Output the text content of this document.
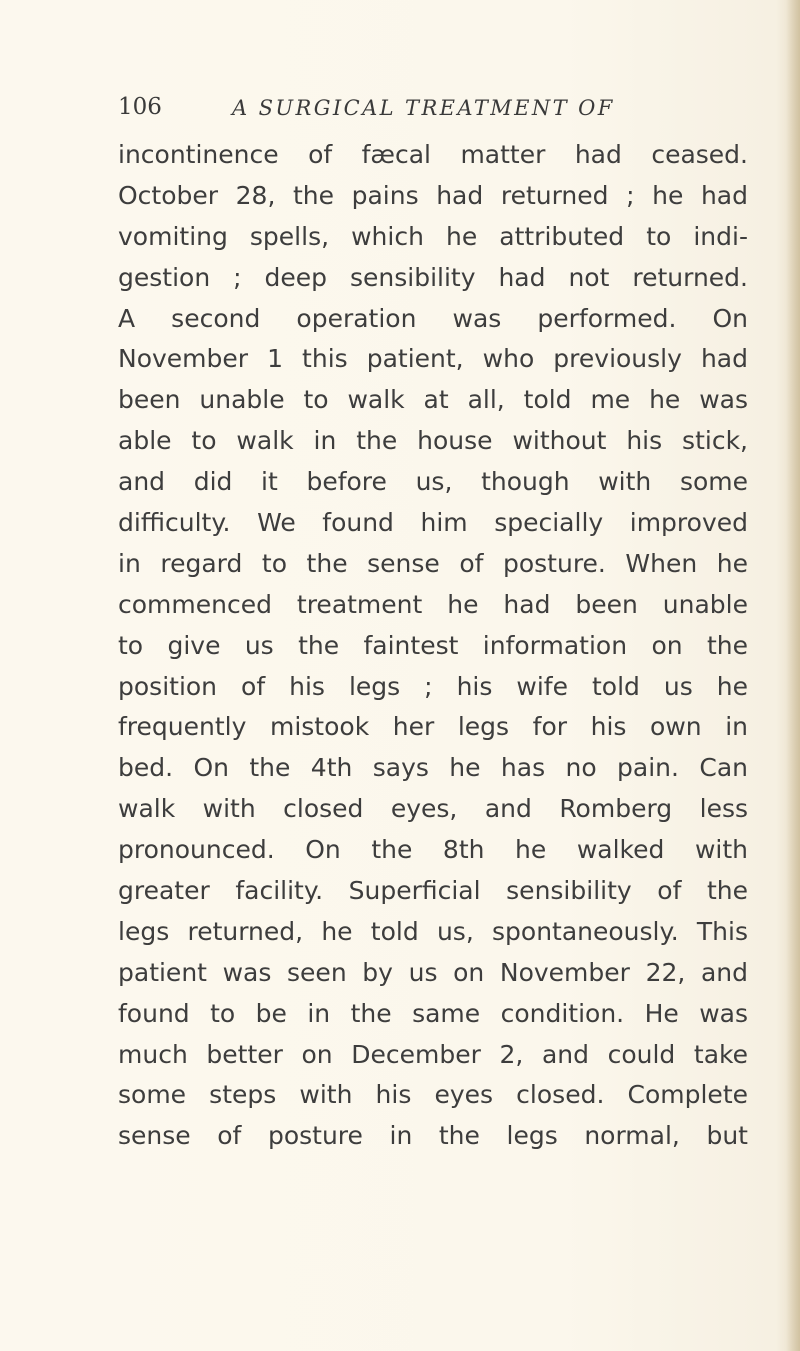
106	A SURGICAL TREATMENT OF
incontinence of fæcal matter had ceased.
October 28, the pains had returned ; he had
vomiting spells, which he attributed to indi-
gestion ; deep sensibility had not returned.
A second operation was performed. On
November 1 this patient, who previously had
been unable to walk at all, told me he was
able to walk in the house without his stick,
and did it before us, though with some
difficulty. We found him specially improved
in regard to the sense of posture. When he
commenced treatment he had been unable
to give us the faintest information on the
position of his legs ; his wife told us he
frequently mistook her legs for his own in
bed. On the 4th says he has no pain. Can
walk with closed eyes, and Romberg less
pronounced. On the 8th he walked with
greater facility. Superficial sensibility of the
legs returned, he told us, spontaneously. This
patient was seen by us on November 22, and
found to be in the same condition. He was
much better on December 2, and could take
some steps with his eyes closed. Complete
sense of posture in the legs normal, but
